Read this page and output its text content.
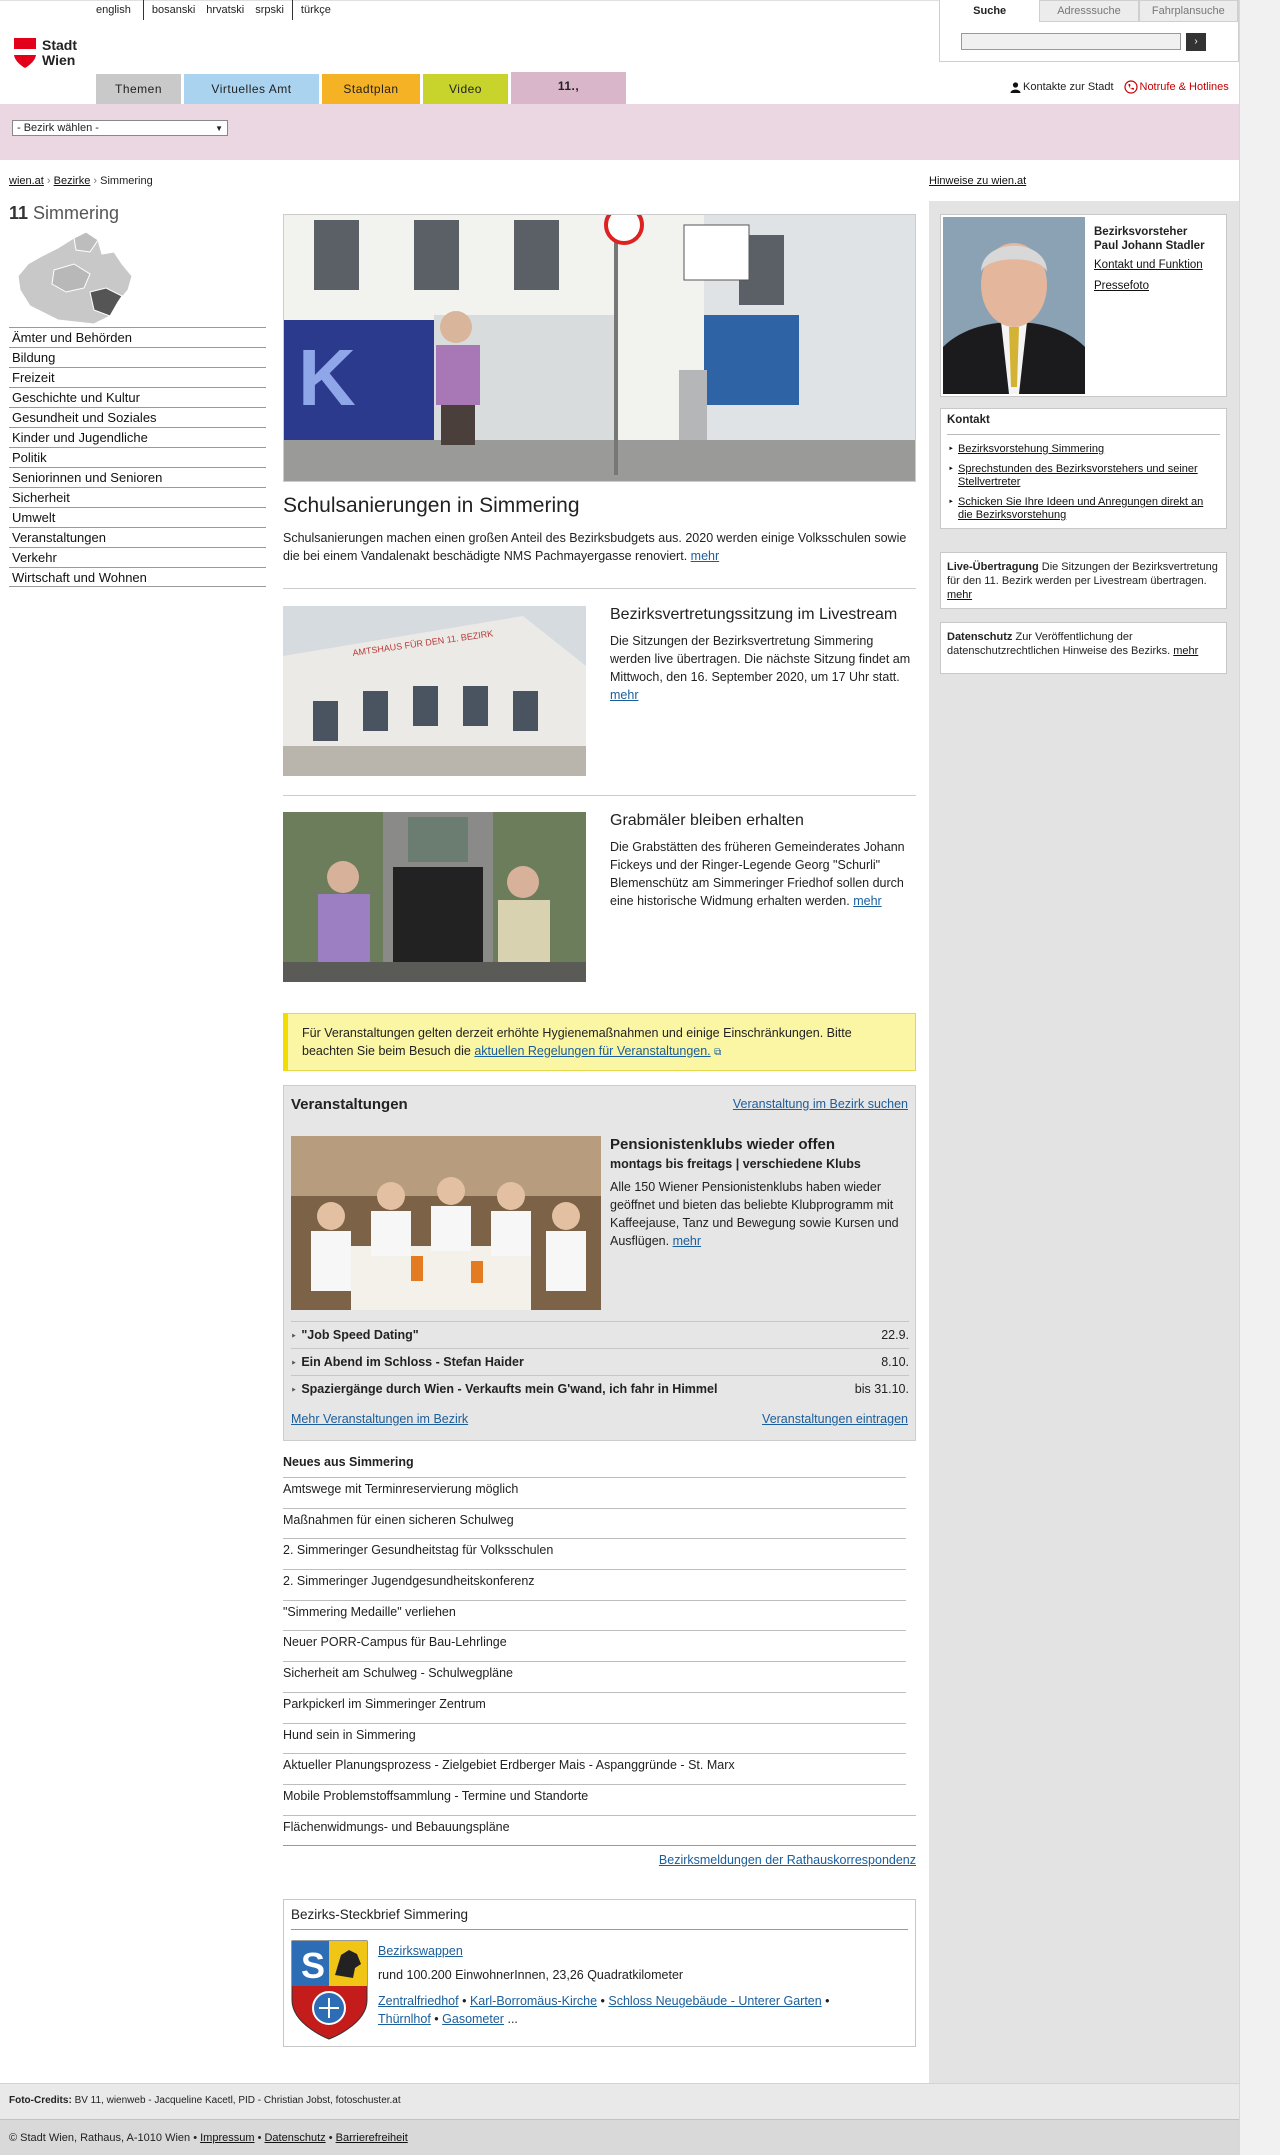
english	bosanski	hrvatski	srpski	türkçe
Stadt
Wien
Themen	Virtuelles Amt	Stadtplan	Video	11.,
Suche	Adresssuche	Fahrplansuche
›
Kontakte zur Stadt Notrufe & Hotlines
- Bezirk wählen -	▼
wien.at › Bezirke › Simmering	Hinweise zu wien.at
11 Simmering
Ämter und Behörden
Bildung
Freizeit
Geschichte und Kultur
Gesundheit und Soziales
Kinder und Jugendliche
Politik
Seniorinnen und Senioren
Sicherheit
Umwelt
Veranstaltungen
Verkehr
Wirtschaft und Wohnen
K
Schulsanierungen in Simmering
Schulsanierungen machen einen großen Anteil des Bezirksbudgets aus. 2020 werden einige Volksschulen sowie die bei einem Vandalenakt beschädigte NMS Pachmayergasse renoviert. mehr
AMTSHAUS FÜR DEN 11. BEZIRK
Bezirksvertretungssitzung im Livestream
Die Sitzungen der Bezirksvertretung Simmering werden live übertragen. Die nächste Sitzung findet am Mittwoch, den 16. September 2020, um 17 Uhr statt. mehr
Grabmäler bleiben erhalten
Die Grabstätten des früheren Gemeinderates Johann Fickeys und der Ringer-Legende Georg "Schurli" Blemenschütz am Simmeringer Friedhof sollen durch eine historische Widmung erhalten werden. mehr
Für Veranstaltungen gelten derzeit erhöhte Hygienemaßnahmen und einige Einschränkungen. Bitte beachten Sie beim Besuch die aktuellen Regelungen für Veranstaltungen. ⧉
Veranstaltungen	Veranstaltung im Bezirk suchen
Pensionistenklubs wieder offen
montags bis freitags | verschiedene Klubs
Alle 150 Wiener Pensionistenklubs haben wieder geöffnet und bieten das beliebte Klubprogramm mit Kaffeejause, Tanz und Bewegung sowie Kursen und Ausflügen. mehr
‣ "Job Speed Dating"	22.9.
‣ Ein Abend im Schloss - Stefan Haider	8.10.
‣ Spaziergänge durch Wien - Verkaufts mein G'wand, ich fahr in Himmel	bis 31.10.
Mehr Veranstaltungen im Bezirk	Veranstaltungen eintragen
Neues aus Simmering
Amtswege mit Terminreservierung möglich
Maßnahmen für einen sicheren Schulweg
2. Simmeringer Gesundheitstag für Volksschulen
2. Simmeringer Jugendgesundheitskonferenz
"Simmering Medaille" verliehen
Neuer PORR-Campus für Bau-Lehrlinge
Sicherheit am Schulweg - Schulwegpläne
Parkpickerl im Simmeringer Zentrum
Hund sein in Simmering
Aktueller Planungsprozess - Zielgebiet Erdberger Mais - Aspanggründe - St. Marx
Mobile Problemstoffsammlung - Termine und Standorte
Flächenwidmungs- und Bebauungspläne
Bezirksmeldungen der Rathauskorrespondenz
Bezirks-Steckbrief Simmering
S	Bezirkswappen
rund 100.200 EinwohnerInnen, 23,26 Quadratkilometer
Zentralfriedhof • Karl-Borromäus-Kirche • Schloss Neugebäude - Unterer Garten • Thürnlhof • Gasometer ...
Bezirksvorsteher
Paul Johann Stadler
Kontakt und Funktion
Pressefoto
Kontakt
‣ Bezirksvorstehung Simmering
‣ Sprechstunden des Bezirksvorstehers und seiner Stellvertreter
‣ Schicken Sie Ihre Ideen und Anregungen direkt an die Bezirksvorstehung
Live-Übertragung Die Sitzungen der Bezirksvertretung für den 11. Bezirk werden per Livestream übertragen. mehr
Datenschutz Zur Veröffentlichung der datenschutzrechtlichen Hinweise des Bezirks. mehr
Foto-Credits: BV 11, wienweb - Jacqueline Kacetl, PID - Christian Jobst, fotoschuster.at
© Stadt Wien, Rathaus, A-1010 Wien • Impressum • Datenschutz • Barrierefreiheit
